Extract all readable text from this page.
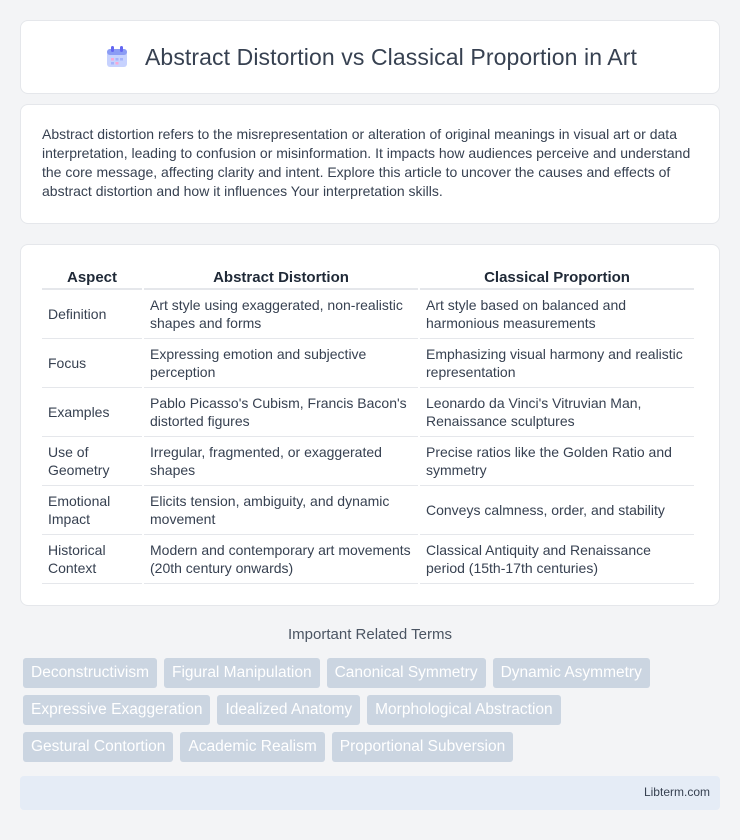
Abstract Distortion vs Classical Proportion in Art

Abstract distortion refers to the misrepresentation or alteration of original meanings in visual art or data interpretation, leading to confusion or misinformation. It impacts how audiences perceive and understand the core message, affecting clarity and intent. Explore this article to uncover the causes and effects of abstract distortion and how it influences Your interpretation skills.

Aspect	Abstract Distortion	Classical Proportion
Definition	Art style using exaggerated, non-realistic shapes and forms	Art style based on balanced and harmonious measurements
Focus	Expressing emotion and subjective perception	Emphasizing visual harmony and realistic representation
Examples	Pablo Picasso's Cubism, Francis Bacon's distorted figures	Leonardo da Vinci's Vitruvian Man, Renaissance sculptures
Use of Geometry	Irregular, fragmented, or exaggerated shapes	Precise ratios like the Golden Ratio and symmetry
Emotional Impact	Elicits tension, ambiguity, and dynamic movement	Conveys calmness, order, and stability
Historical Context	Modern and contemporary art movements (20th century onwards)	Classical Antiquity and Renaissance period (15th-17th centuries)
Important Related Terms
Deconstructivism	Figural Manipulation	Canonical Symmetry	Dynamic Asymmetry
Expressive Exaggeration	Idealized Anatomy	Morphological Abstraction
Gestural Contortion	Academic Realism	Proportional Subversion
Libterm.com
